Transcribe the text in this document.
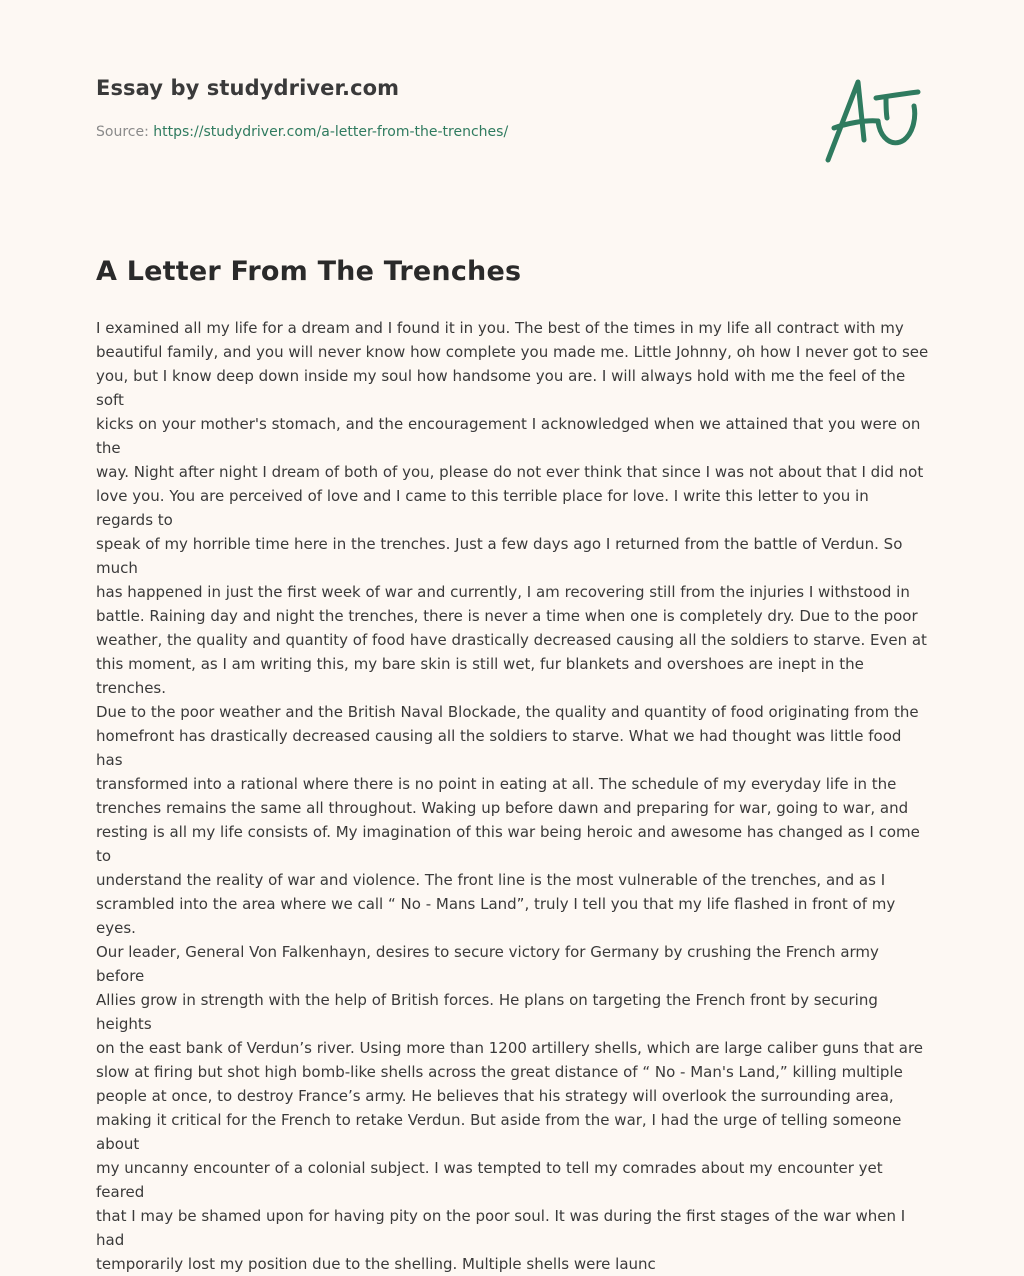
Essay by studydriver.com
Source: https://studydriver.com/a-letter-from-the-trenches/
A Letter From The Trenches

I examined all my life for a dream and I found it in you. The best of the times in my life all contract with my
beautiful family, and you will never know how complete you made me. Little Johnny, oh how I never got to see
you, but I know deep down inside my soul how handsome you are. I will always hold with me the feel of the soft
kicks on your mother's stomach, and the encouragement I acknowledged when we attained that you were on the
way. Night after night I dream of both of you, please do not ever think that since I was not about that I did not
love you. You are perceived of love and I came to this terrible place for love. I write this letter to you in regards to
speak of my horrible time here in the trenches. Just a few days ago I returned from the battle of Verdun. So much
has happened in just the first week of war and currently, I am recovering still from the injuries I withstood in
battle. Raining day and night the trenches, there is never a time when one is completely dry. Due to the poor
weather, the quality and quantity of food have drastically decreased causing all the soldiers to starve. Even at
this moment, as I am writing this, my bare skin is still wet, fur blankets and overshoes are inept in the trenches.
Due to the poor weather and the British Naval Blockade, the quality and quantity of food originating from the
homefront has drastically decreased causing all the soldiers to starve. What we had thought was little food has
transformed into a rational where there is no point in eating at all. The schedule of my everyday life in the
trenches remains the same all throughout. Waking up before dawn and preparing for war, going to war, and
resting is all my life consists of. My imagination of this war being heroic and awesome has changed as I come to
understand the reality of war and violence. The front line is the most vulnerable of the trenches, and as I
scrambled into the area where we call “ No - Mans Land”, truly I tell you that my life flashed in front of my eyes.
Our leader, General Von Falkenhayn, desires to secure victory for Germany by crushing the French army before
Allies grow in strength with the help of British forces. He plans on targeting the French front by securing heights
on the east bank of Verdun’s river. Using more than 1200 artillery shells, which are large caliber guns that are
slow at firing but shot high bomb-like shells across the great distance of “ No - Man's Land,” killing multiple
people at once, to destroy France’s army. He believes that his strategy will overlook the surrounding area,
making it critical for the French to retake Verdun. But aside from the war, I had the urge of telling someone about
my uncanny encounter of a colonial subject. I was tempted to tell my comrades about my encounter yet feared
that I may be shamed upon for having pity on the poor soul. It was during the first stages of the war when I had
temporarily lost my position due to the shelling. Multiple shells were launc
